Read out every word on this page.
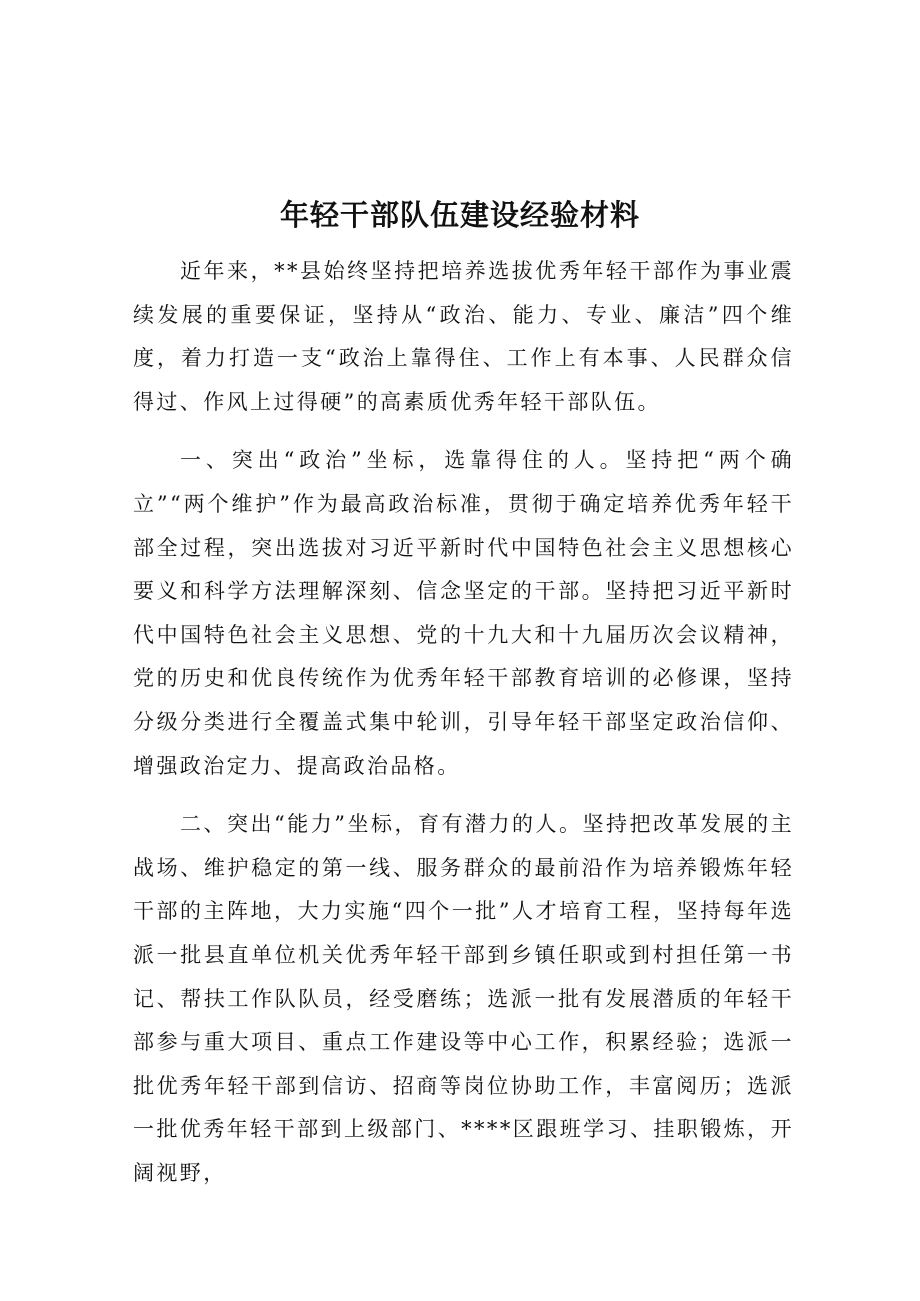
年轻干部队伍建设经验材料

近年来，**县始终坚持把培养选拔优秀年轻干部作为事业震续发展的重要保证，坚持从“政治、能力、专业、廉洁”四个维度，着力打造一支“政治上靠得住、工作上有本事、人民群众信得过、作风上过得硬”的高素质优秀年轻干部队伍。

一、突出“政治”坐标，选靠得住的人。坚持把“两个确立”“两个维护”作为最高政治标准，贯彻于确定培养优秀年轻干部全过程，突出选拔对习近平新时代中国特色社会主义思想核心要义和科学方法理解深刻、信念坚定的干部。坚持把习近平新时代中国特色社会主义思想、党的十九大和十九届历次会议精神，党的历史和优良传统作为优秀年轻干部教育培训的必修课，坚持分级分类进行全覆盖式集中轮训，引导年轻干部坚定政治信仰、增强政治定力、提高政治品格。

二、突出“能力”坐标，育有潜力的人。坚持把改革发展的主战场、维护稳定的第一线、服务群众的最前沿作为培养锻炼年轻干部的主阵地，大力实施“四个一批”人才培育工程，坚持每年选派一批县直单位机关优秀年轻干部到乡镇任职或到村担任第一书记、帮扶工作队队员，经受磨练；选派一批有发展潜质的年轻干部参与重大项目、重点工作建设等中心工作，积累经验；选派一批优秀年轻干部到信访、招商等岗位协助工作，丰富阅历；选派一批优秀年轻干部到上级部门、****区跟班学习、挂职锻炼，开阔视野，
